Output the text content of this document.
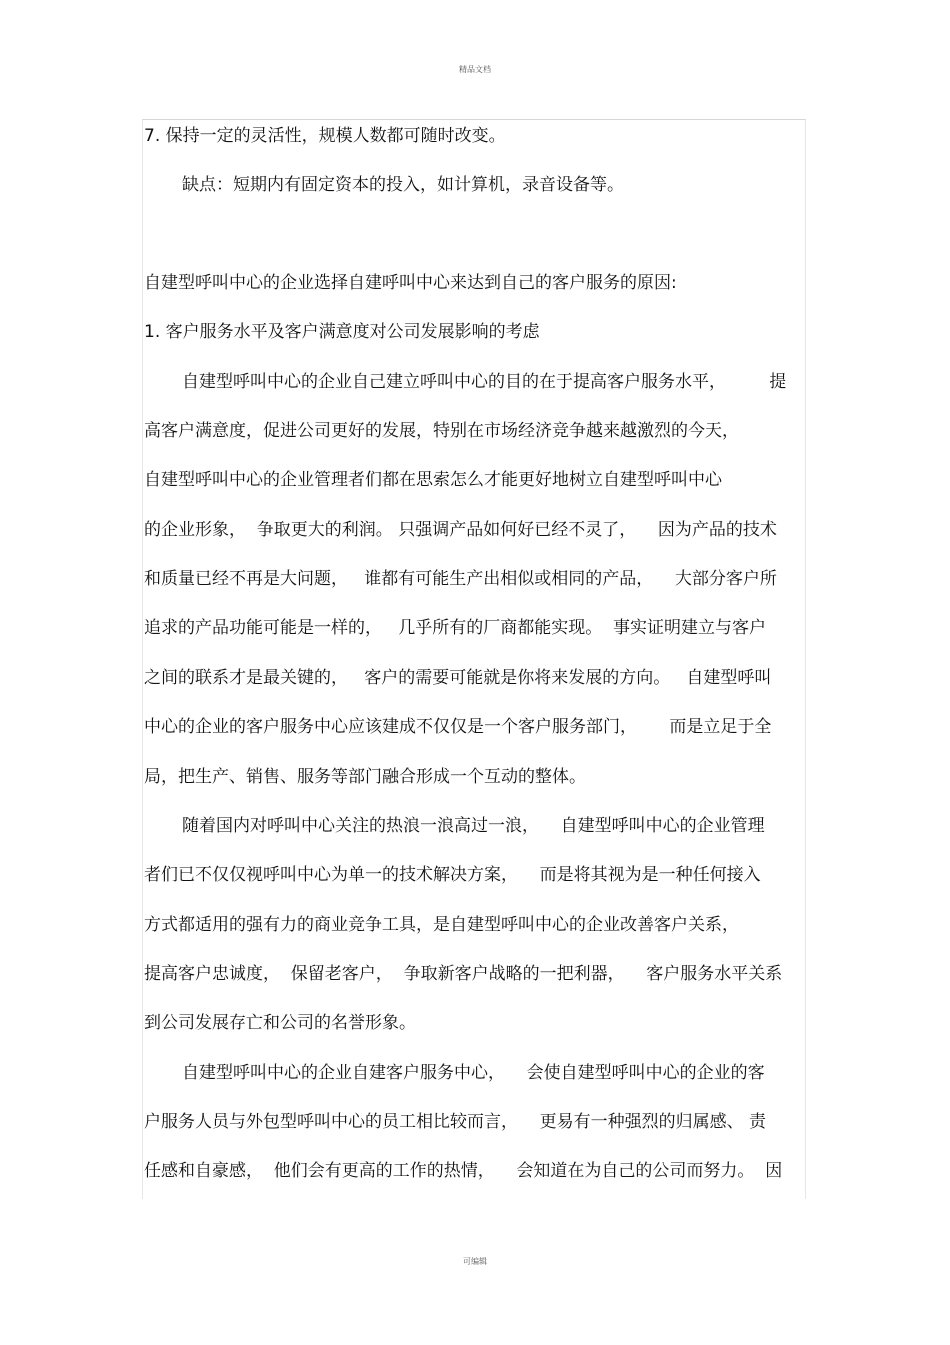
精品文档
7. 保持一定的灵活性，规模人数都可随时改变。
缺点：短期内有固定资本的投入，如计算机，录音设备等。
自建型呼叫中心的企业选择自建呼叫中心来达到自己的客户服务的原因:
1. 客户服务水平及客户满意度对公司发展影响的考虑
自建型呼叫中心的企业自己建立呼叫中心的目的在于提高客户服务水平，        提
高客户满意度，促进公司更好的发展，特别在市场经济竞争越来越激烈的今天，
自建型呼叫中心的企业管理者们都在思索怎么才能更好地树立自建型呼叫中心
的企业形象，  争取更大的利润。 只强调产品如何好已经不灵了，    因为产品的技术
和质量已经不再是大问题，   谁都有可能生产出相似或相同的产品，    大部分客户所
追求的产品功能可能是一样的，   几乎所有的厂商都能实现。  事实证明建立与客户
之间的联系才是最关键的，   客户的需要可能就是你将来发展的方向。   自建型呼叫
中心的企业的客户服务中心应该建成不仅仅是一个客户服务部门，      而是立足于全
局，把生产、销售、服务等部门融合形成一个互动的整体。
随着国内对呼叫中心关注的热浪一浪高过一浪，    自建型呼叫中心的企业管理
者们已不仅仅视呼叫中心为单一的技术解决方案，    而是将其视为是一种任何接入
方式都适用的强有力的商业竞争工具，是自建型呼叫中心的企业改善客户关系，
提高客户忠诚度，  保留老客户，  争取新客户战略的一把利器，    客户服务水平关系
到公司发展存亡和公司的名誉形象。
自建型呼叫中心的企业自建客户服务中心，    会使自建型呼叫中心的企业的客
户服务人员与外包型呼叫中心的员工相比较而言，    更易有一种强烈的归属感、 责
任感和自豪感，  他们会有更高的工作的热情，    会知道在为自己的公司而努力。  因
可编辑
